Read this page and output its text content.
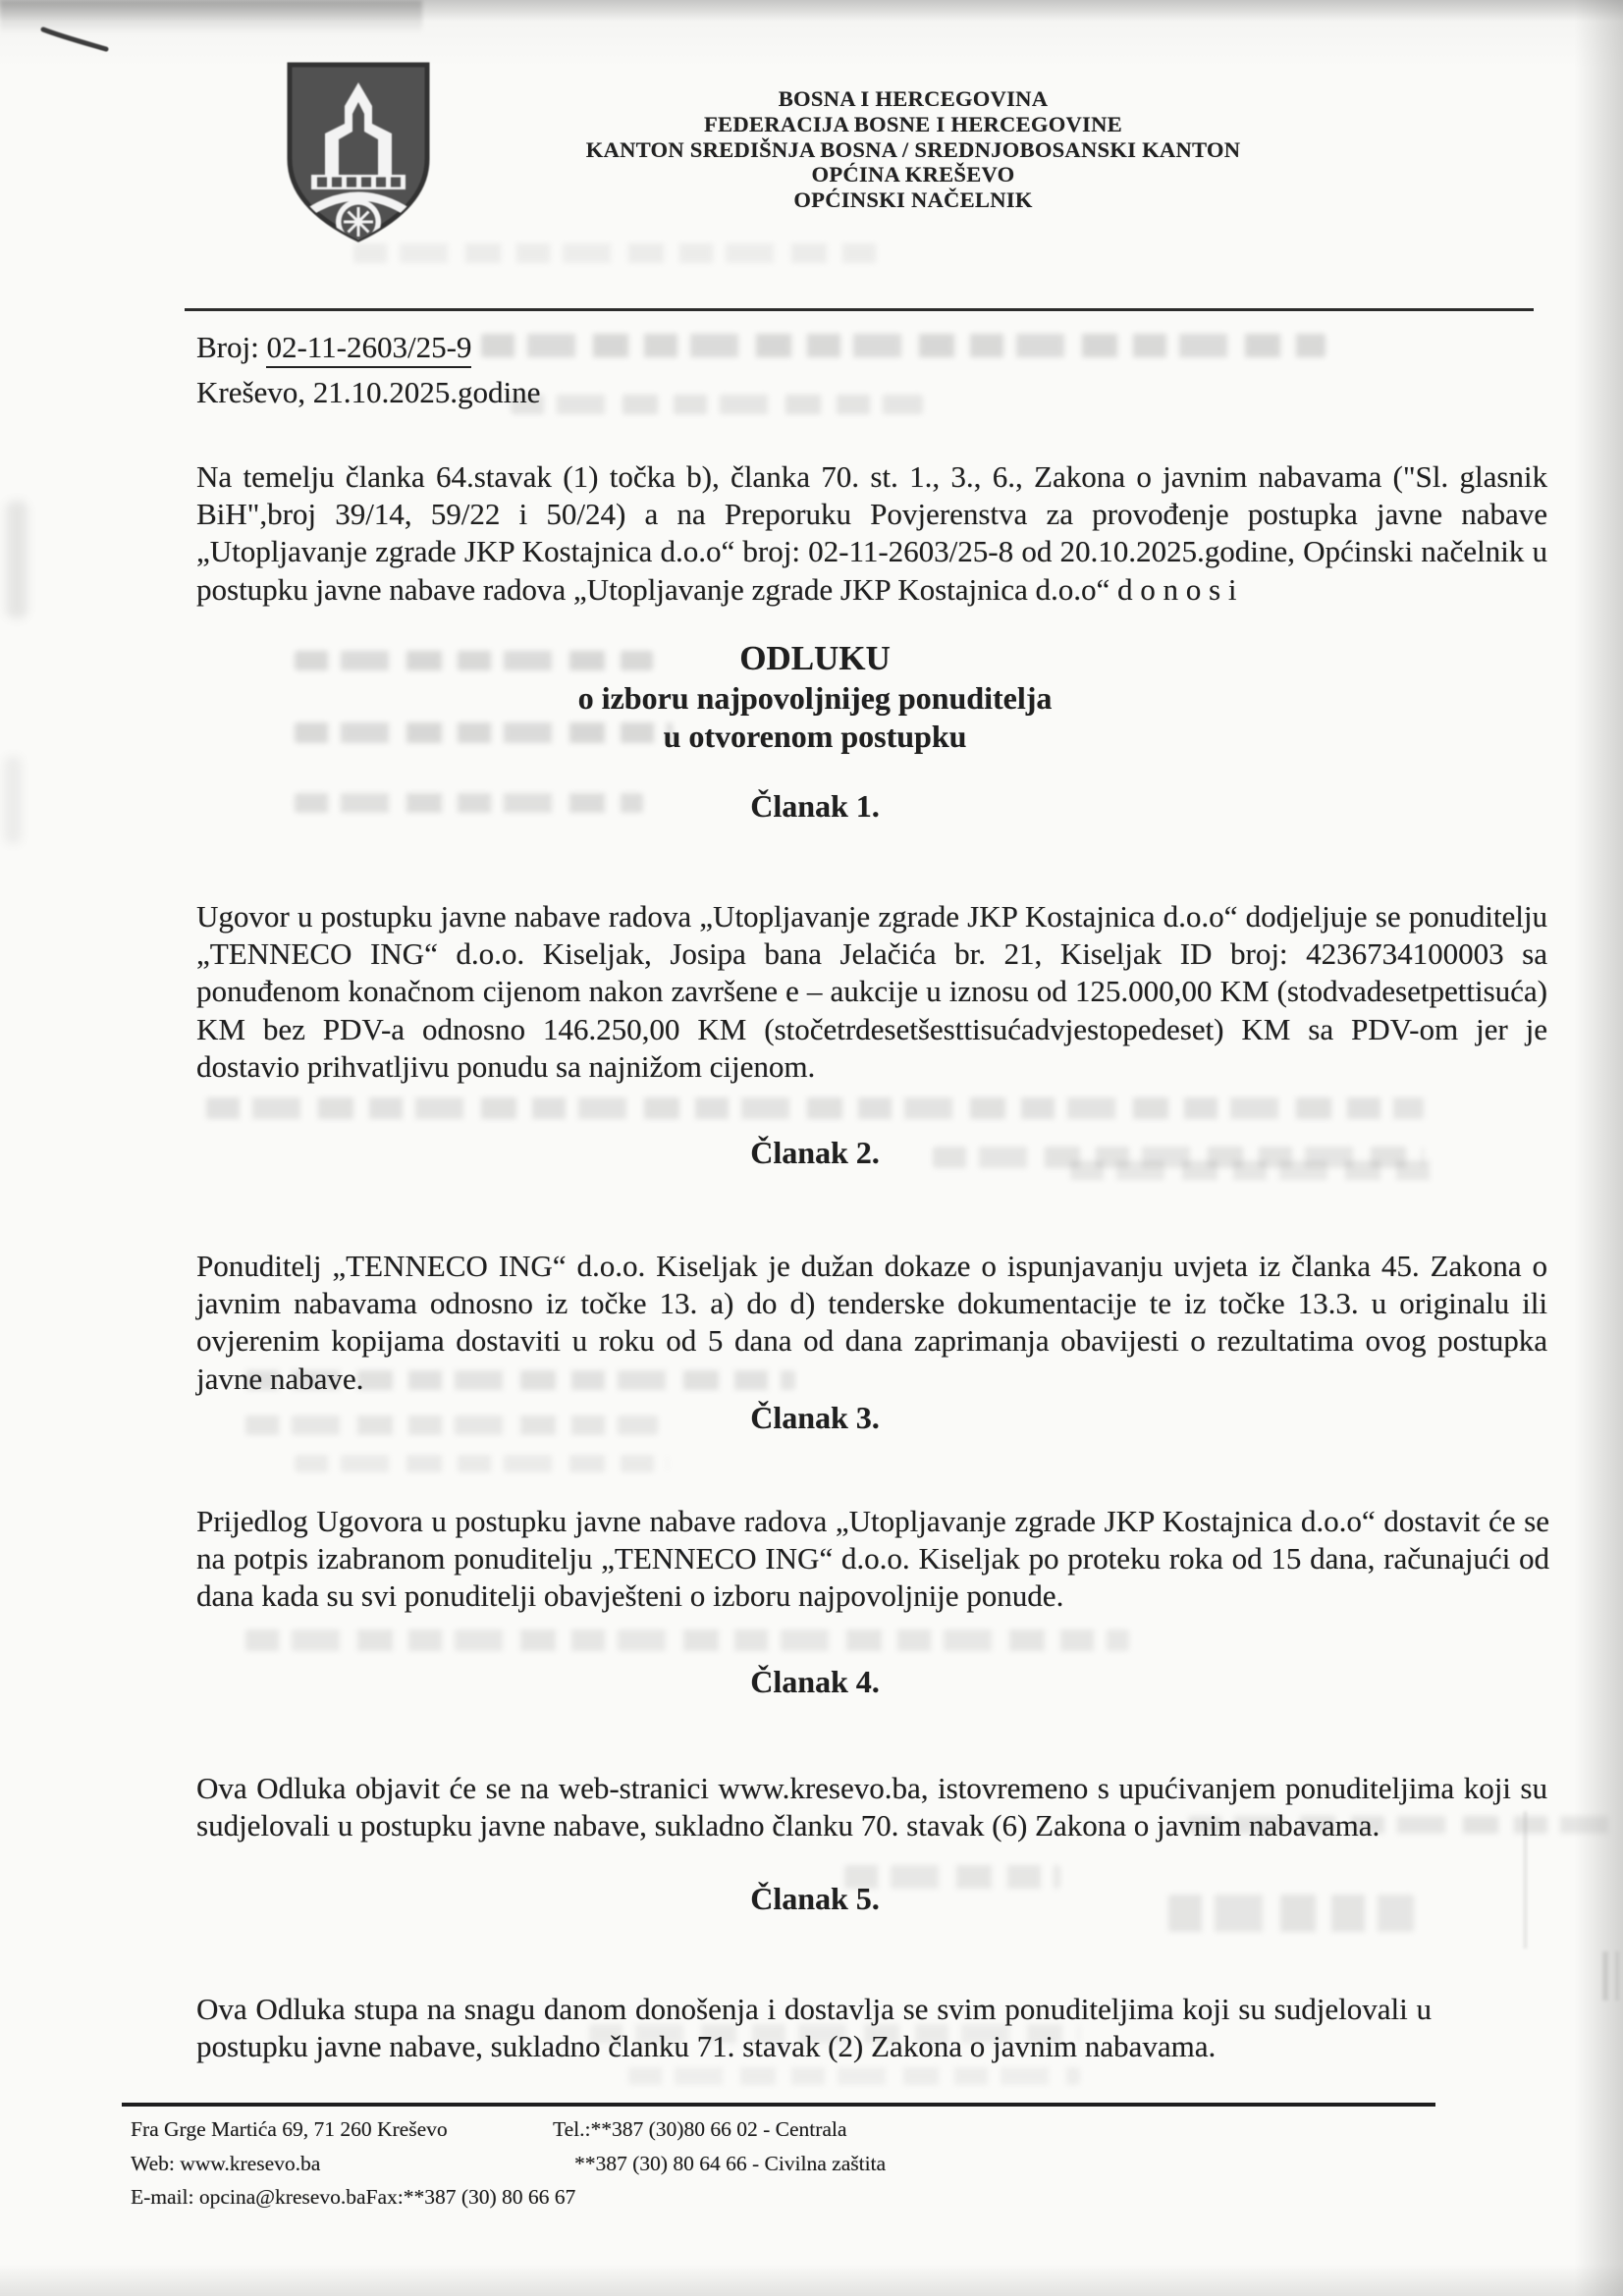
BOSNA I HERCEGOVINA
FEDERACIJA BOSNE I HERCEGOVINE
KANTON SREDIŠNJA BOSNA / SREDNJOBOSANSKI KANTON
OPĆINA KREŠEVO
OPĆINSKI NAČELNIK
Broj: 02-11-2603/25-9
Kreševo, 21.10.2025.godine

Na temelju članka 64.stavak (1) točka b), članka 70. st. 1., 3., 6., Zakona o javnim nabavama ("Sl. glasnik BiH",broj 39/14, 59/22 i 50/24) a na Preporuku Povjerenstva za provođenje postupka javne nabave „Utopljavanje zgrade JKP Kostajnica d.o.o“ broj: 02-11-2603/25-8 od 20.10.2025.godine, Općinski načelnik u postupku javne nabave radova „Utopljavanje zgrade JKP Kostajnica d.o.o“ d o n o s i

ODLUKU
o izboru najpovoljnijeg ponuditelja
u otvorenom postupku
Članak 1.

Ugovor u postupku javne nabave radova „Utopljavanje zgrade JKP Kostajnica d.o.o“ dodjeljuje se ponuditelju „TENNECO ING“ d.o.o. Kiseljak, Josipa bana Jelačića br. 21, Kiseljak ID broj: 4236734100003 sa ponuđenom konačnom cijenom nakon završene e – aukcije u iznosu od 125.000,00 KM (stodvadesetpettisuća) KM bez PDV-a odnosno 146.250,00 KM (stočetrdesetšesttisućadvjestopedeset) KM sa PDV-om jer je dostavio prihvatljivu ponudu sa najnižom cijenom.

Članak 2.

Ponuditelj „TENNECO ING“ d.o.o. Kiseljak je dužan dokaze o ispunjavanju uvjeta iz članka 45. Zakona o javnim nabavama odnosno iz točke 13. a) do d) tenderske dokumentacije te iz točke 13.3. u originalu ili ovjerenim kopijama dostaviti u roku od 5 dana od dana zaprimanja obavijesti o rezultatima ovog postupka javne nabave.

Članak 3.

Prijedlog Ugovora u postupku javne nabave radova „Utopljavanje zgrade JKP Kostajnica d.o.o“ dostavit će se na potpis izabranom ponuditelju „TENNECO ING“ d.o.o. Kiseljak po proteku roka od 15 dana, računajući od dana kada su svi ponuditelji obavješteni o izboru najpovoljnije ponude.

Članak 4.

Ova Odluka objavit će se na web-stranici www.kresevo.ba, istovremeno s upućivanjem ponuditeljima koji su sudjelovali u postupku javne nabave, sukladno članku 70. stavak (6) Zakona o javnim nabavama.

Članak 5.

Ova Odluka stupa na snagu danom donošenja i dostavlja se svim ponuditeljima koji su sudjelovali u postupku javne nabave, sukladno članku 71. stavak (2) Zakona o javnim nabavama.

Fra Grge Martića 69, 71 260 Kreševo	Tel.:**387 (30)80 66 02 - Centrala
Web: www.kresevo.ba	**387 (30) 80 64 66 - Civilna zaštita
E-mail: opcina@kresevo.baFax:**387 (30) 80 66 67
